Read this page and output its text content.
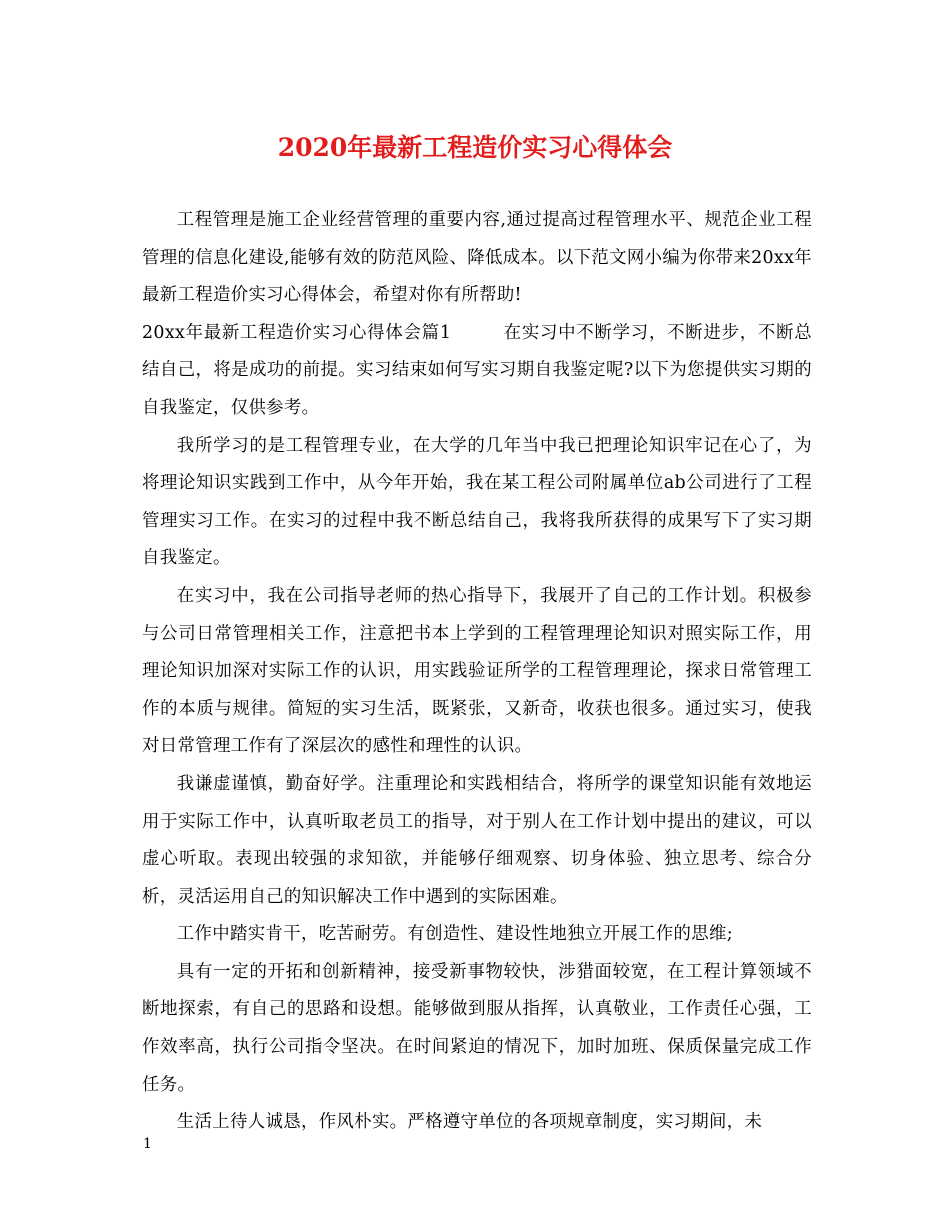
2020年最新工程造价实习心得体会

工程管理是施工企业经营管理的重要内容,通过提高过程管理水平、规范企业工程管理的信息化建设,能够有效的防范风险、降低成本。以下范文网小编为你带来20xx年最新工程造价实习心得体会，希望对你有所帮助!

20xx年最新工程造价实习心得体会篇1	在实习中不断学习，不断进步，不断总结自己，将是成功的前提。实习结束如何写实习期自我鉴定呢?以下为您提供实习期的自我鉴定，仅供参考。

我所学习的是工程管理专业，在大学的几年当中我已把理论知识牢记在心了，为将理论知识实践到工作中，从今年开始，我在某工程公司附属单位ab公司进行了工程管理实习工作。在实习的过程中我不断总结自己，我将我所获得的成果写下了实习期自我鉴定。

在实习中，我在公司指导老师的热心指导下，我展开了自己的工作计划。积极参与公司日常管理相关工作，注意把书本上学到的工程管理理论知识对照实际工作，用理论知识加深对实际工作的认识，用实践验证所学的工程管理理论，探求日常管理工作的本质与规律。简短的实习生活，既紧张，又新奇，收获也很多。通过实习，使我对日常管理工作有了深层次的感性和理性的认识。

我谦虚谨慎，勤奋好学。注重理论和实践相结合，将所学的课堂知识能有效地运用于实际工作中，认真听取老员工的指导，对于别人在工作计划中提出的建议，可以虚心听取。表现出较强的求知欲，并能够仔细观察、切身体验、独立思考、综合分析，灵活运用自己的知识解决工作中遇到的实际困难。

工作中踏实肯干，吃苦耐劳。有创造性、建设性地独立开展工作的思维;

具有一定的开拓和创新精神，接受新事物较快，涉猎面较宽，在工程计算领域不断地探索，有自己的思路和设想。能够做到服从指挥，认真敬业，工作责任心强，工作效率高，执行公司指令坚决。在时间紧迫的情况下，加时加班、保质保量完成工作任务。

生活上待人诚恳，作风朴实。严格遵守单位的各项规章制度，实习期间，未

1
